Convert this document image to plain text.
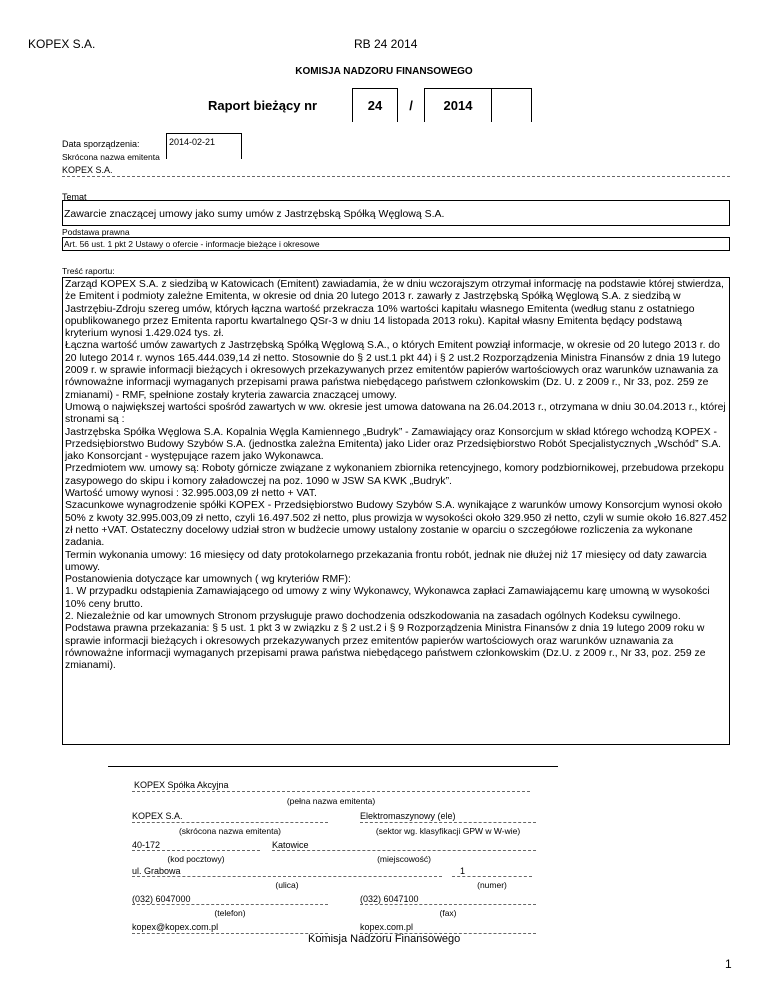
KOPEX S.A.	RB 24 2014
KOMISJA NADZORU FINANSOWEGO
Raport bieżący nr	24	/	2014
Data sporządzenia:	2014-02-21
Skrócona nazwa emitenta
KOPEX S.A.
Temat
Zawarcie znaczącej umowy jako sumy umów z Jastrzębską Spółką Węglową S.A.
Podstawa prawna
Art. 56 ust. 1 pkt 2 Ustawy o ofercie - informacje bieżące i okresowe
Treść raportu:

Zarząd KOPEX S.A. z siedzibą w Katowicach (Emitent) zawiadamia, że w dniu wczorajszym otrzymał informację na podstawie której stwierdza, że Emitent i podmioty zależne Emitenta, w okresie od dnia 20 lutego 2013 r. zawarły z Jastrzębską Spółką Węglową S.A. z siedzibą w Jastrzębiu-Zdroju szereg umów, których łączna wartość przekracza 10% wartości kapitału własnego Emitenta (według stanu z ostatniego opublikowanego przez Emitenta raportu kwartalnego QSr-3 w dniu 14 listopada 2013 roku). Kapitał własny Emitenta będący podstawą kryterium wynosi 1.429.024 tys. zł.

Łączna wartość umów zawartych z Jastrzębską Spółką Węglową S.A., o których Emitent powziął informacje, w okresie od 20 lutego 2013 r. do 20 lutego 2014 r. wynos 165.444.039,14 zł netto. Stosownie do § 2 ust.1 pkt 44) i § 2 ust.2 Rozporządzenia Ministra Finansów z dnia 19 lutego 2009 r. w sprawie informacji bieżących i okresowych przekazywanych przez emitentów papierów wartościowych oraz warunków uznawania za równoważne informacji wymaganych przepisami prawa państwa niebędącego państwem członkowskim (Dz. U. z 2009 r., Nr 33, poz. 259 ze zmianami) - RMF, spełnione zostały kryteria zawarcia znaczącej umowy.

Umową o największej wartości spośród zawartych w ww. okresie jest umowa datowana na 26.04.2013 r., otrzymana w dniu 30.04.2013 r., której stronami są :

Jastrzębska Spółka Węglowa S.A. Kopalnia Węgla Kamiennego „Budryk” - Zamawiający oraz Konsorcjum w skład którego wchodzą KOPEX - Przedsiębiorstwo Budowy Szybów S.A. (jednostka zależna Emitenta) jako Lider oraz Przedsiębiorstwo Robót Specjalistycznych „Wschód” S.A. jako Konsorcjant - występujące razem jako Wykonawca.

Przedmiotem ww. umowy są: Roboty górnicze związane z wykonaniem zbiornika retencyjnego, komory podzbiornikowej, przebudowa przekopu zasypowego do skipu i komory załadowczej na poz. 1090 w JSW SA KWK „Budryk”.

Wartość umowy wynosi : 32.995.003,09 zł netto + VAT.

Szacunkowe wynagrodzenie spółki KOPEX - Przedsiębiorstwo Budowy Szybów S.A. wynikające z warunków umowy Konsorcjum wynosi około 50% z kwoty 32.995.003,09 zł netto, czyli 16.497.502 zł netto, plus prowizja w wysokości około 329.950 zł netto, czyli w sumie około 16.827.452 zł netto +VAT. Ostateczny docelowy udział stron w budżecie umowy ustalony zostanie w oparciu o szczegółowe rozliczenia za wykonane zadania.

Termin wykonania umowy: 16 miesięcy od daty protokolarnego przekazania frontu robót, jednak nie dłużej niż 17 miesięcy od daty zawarcia umowy.

Postanowienia dotyczące kar umownych ( wg kryteriów RMF):

1. W przypadku odstąpienia Zamawiającego od umowy z winy Wykonawcy, Wykonawca zapłaci Zamawiającemu karę umowną w wysokości 10% ceny brutto.

2. Niezależnie od kar umownych Stronom przysługuje prawo dochodzenia odszkodowania na zasadach ogólnych Kodeksu cywilnego.

Podstawa prawna przekazania: § 5 ust. 1 pkt 3 w związku z § 2 ust.2 i § 9 Rozporządzenia Ministra Finansów z dnia 19 lutego 2009 roku w sprawie informacji bieżących i okresowych przekazywanych przez emitentów papierów wartościowych oraz warunków uznawania za równoważne informacji wymaganych przepisami prawa państwa niebędącego państwem członkowskim (Dz.U. z 2009 r., Nr 33, poz. 259 ze zmianami).

KOPEX Spółka Akcyjna
(pełna nazwa emitenta)
KOPEX S.A.
(skrócona nazwa emitenta)
Elektromaszynowy (ele)
(sektor wg. klasyfikacji GPW w W-wie)
40-172
(kod pocztowy)
Katowice
(miejscowość)
ul. Grabowa
(ulica)
1
(numer)
(032) 6047000
(telefon)
(032) 6047100
(fax)
kopex@kopex.com.pl	kopex.com.pl
Komisja Nadzoru Finansowego
1
